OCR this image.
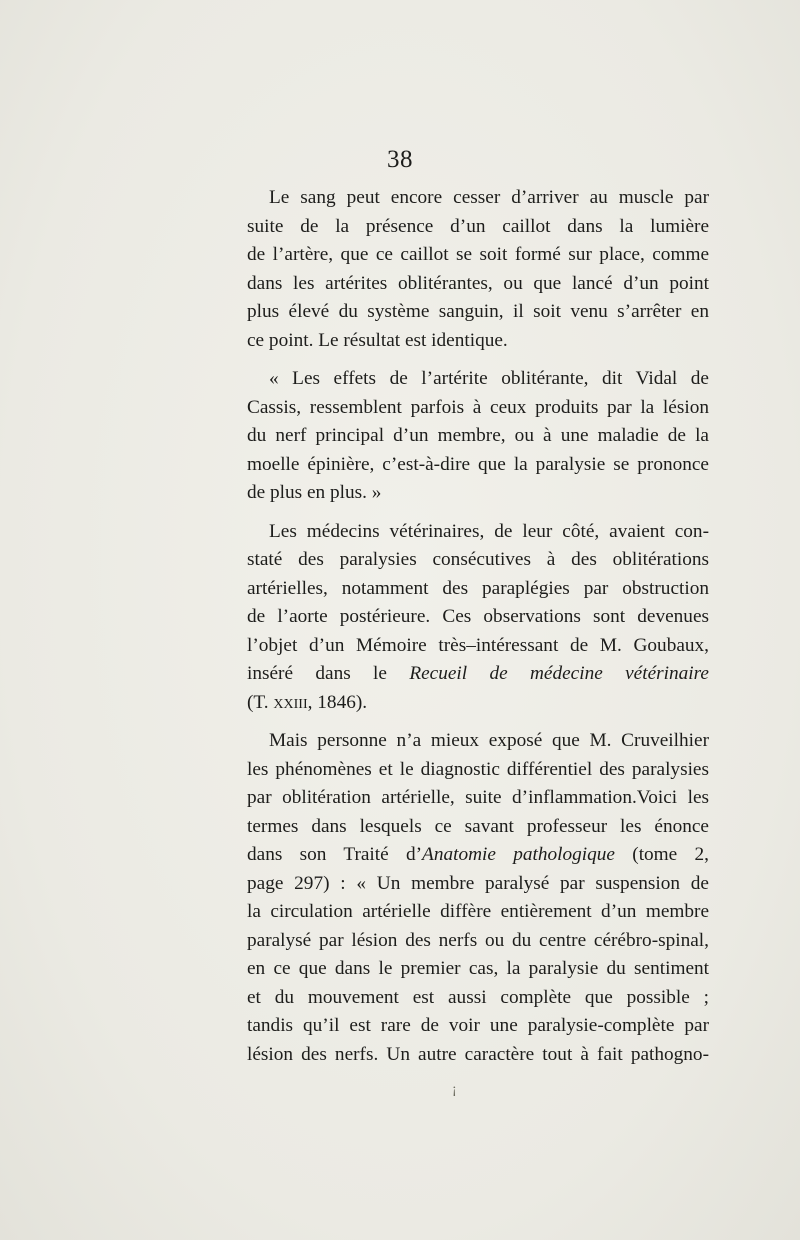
38
Le sang peut encore cesser d’arriver au muscle par
suite de la présence d’un caillot dans la lumière
de l’artère, que ce caillot se soit formé sur place, comme
dans les artérites oblitérantes, ou que lancé d’un point
plus élevé du système sanguin, il soit venu s’arrêter en
ce point. Le résultat est identique.
« Les effets de l’artérite oblitérante, dit Vidal de
Cassis, ressemblent parfois à ceux produits par la lésion
du nerf principal d’un membre, ou à une maladie de la
moelle épinière, c’est-à-dire que la paralysie se prononce
de plus en plus. »
Les médecins vétérinaires, de leur côté, avaient con-
staté des paralysies consécutives à des oblitérations
artérielles, notamment des paraplégies par obstruction
de l’aorte postérieure. Ces observations sont devenues
l’objet d’un Mémoire très–intéressant de M. Goubaux,
inséré dans le Recueil de médecine vétérinaire
(T. xxiii, 1846).
Mais personne n’a mieux exposé que M. Cruveilhier
les phénomènes et le diagnostic différentiel des paralysies
par oblitération artérielle, suite d’inflammation.Voici les
termes dans lesquels ce savant professeur les énonce
dans son Traité d’Anatomie pathologique (tome 2,
page 297) : « Un membre paralysé par suspension de
la circulation artérielle diffère entièrement d’un membre
paralysé par lésion des nerfs ou du centre cérébro-spinal,
en ce que dans le premier cas, la paralysie du sentiment
et du mouvement est aussi complète que possible ;
tandis qu’il est rare de voir une paralysie-complète par
lésion des nerfs. Un autre caractère tout à fait pathogno-
¡
